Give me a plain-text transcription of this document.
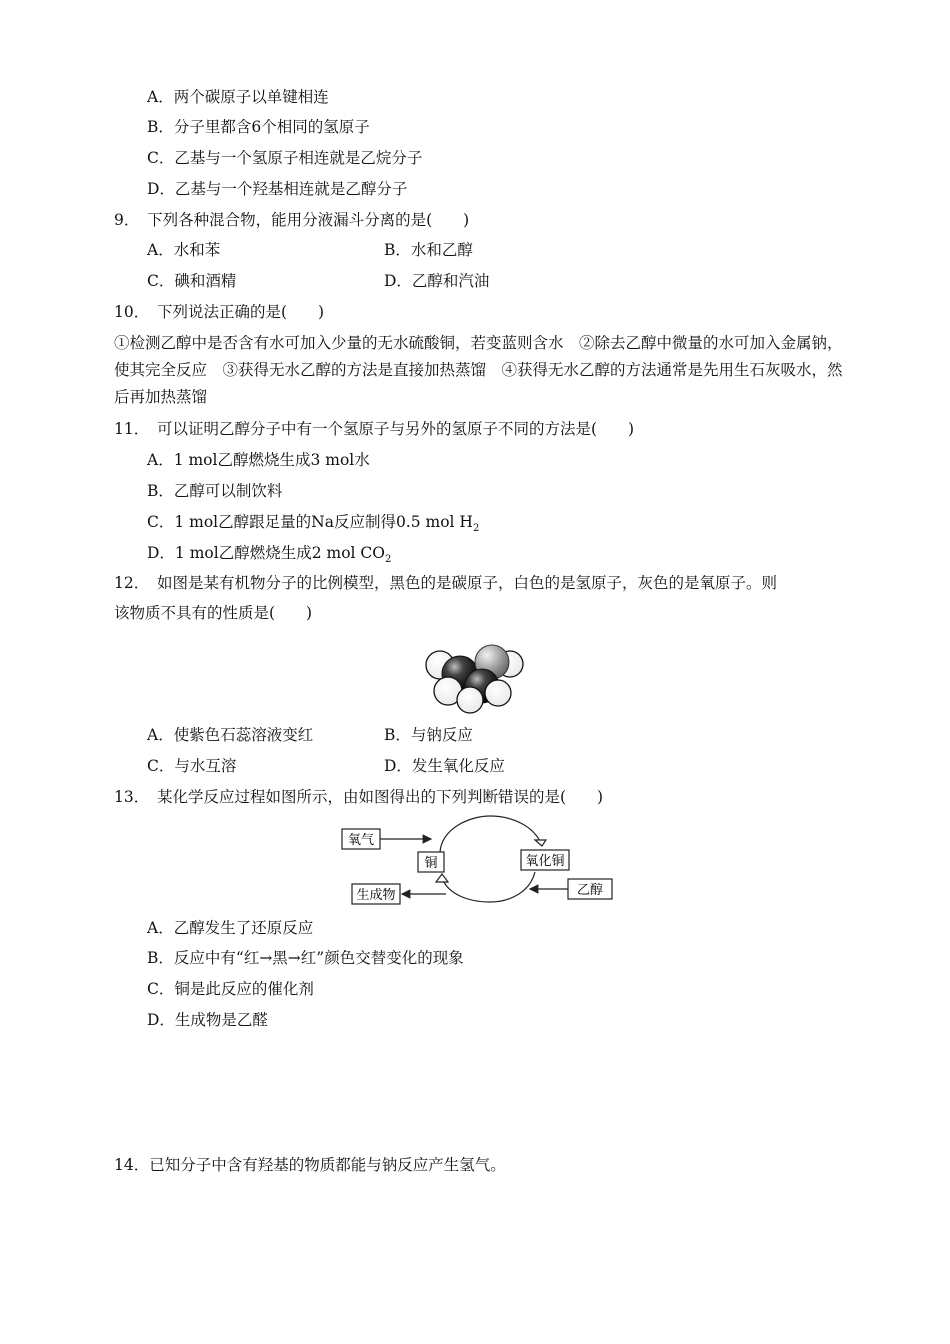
A．两个碳原子以单键相连
B．分子里都含6个相同的氢原子
C．乙基与一个氢原子相连就是乙烷分子
D．乙基与一个羟基相连就是乙醇分子
9．　下列各种混合物，能用分液漏斗分离的是(　　)
A．水和苯	B．水和乙醇
C．碘和酒精	D．乙醇和汽油
10．　下列说法正确的是(　　)
①检测乙醇中是否含有水可加入少量的无水硫酸铜，若变蓝则含水　②除去乙醇中微量的水可加入金属钠，使其完全反应　③获得无水乙醇的方法是直接加热蒸馏　④获得无水乙醇的方法通常是先用生石灰吸水，然后再加热蒸馏
11．　可以证明乙醇分子中有一个氢原子与另外的氢原子不同的方法是(　　)
A．1 mol乙醇燃烧生成3 mol水
B．乙醇可以制饮料
C．1 mol乙醇跟足量的Na反应制得0.5 mol $H_2$
D．1 mol乙醇燃烧生成2 mol $CO_2$
12．　如图是某有机物分子的比例模型，黑色的是碳原子，白色的是氢原子，灰色的是氧原子。则
该物质不具有的性质是(　　)
A．使紫色石蕊溶液变红	B．与钠反应
C．与水互溶	D．发生氧化反应
13．　某化学反应过程如图所示，由如图得出的下列判断错误的是(　　)
氧气
铜	氧化铜
乙醇
生成物
A．乙醇发生了还原反应
B．反应中有“红→黑→红”颜色交替变化的现象
C．铜是此反应的催化剂
D．生成物是乙醛
14．已知分子中含有羟基的物质都能与钠反应产生氢气。
